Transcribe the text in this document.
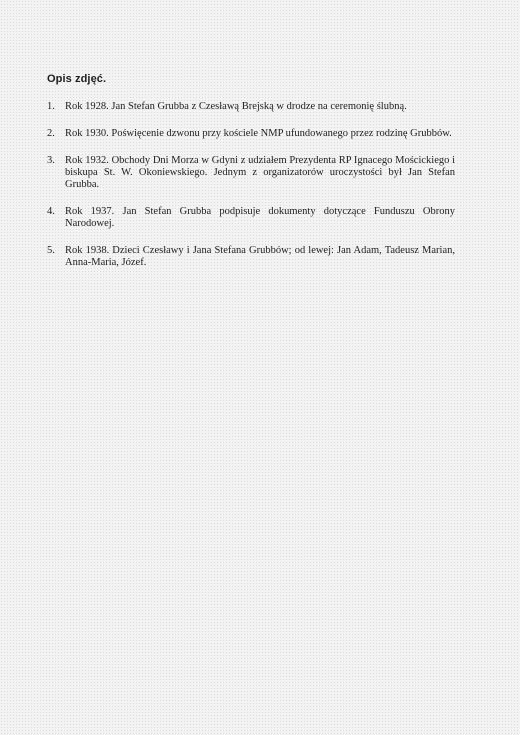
Opis zdjęć.
1. Rok 1928. Jan Stefan Grubba z Czesławą Brejską w drodze na ceremonię ślubną.
2. Rok 1930. Poświęcenie dzwonu przy kościele NMP ufundowanego przez rodzinę Grubbów.
3. Rok 1932. Obchody Dni Morza w Gdyni z udziałem Prezydenta RP Ignacego Mościckiego i biskupa St. W. Okoniewskiego. Jednym z organizatorów uroczystości był Jan Stefan Grubba.
4. Rok 1937. Jan Stefan Grubba podpisuje dokumenty dotyczące Funduszu Obrony Narodowej.
5. Rok 1938. Dzieci Czesławy i Jana Stefana Grubbów; od lewej: Jan Adam, Tadeusz Marian, Anna-Maria, Józef.
